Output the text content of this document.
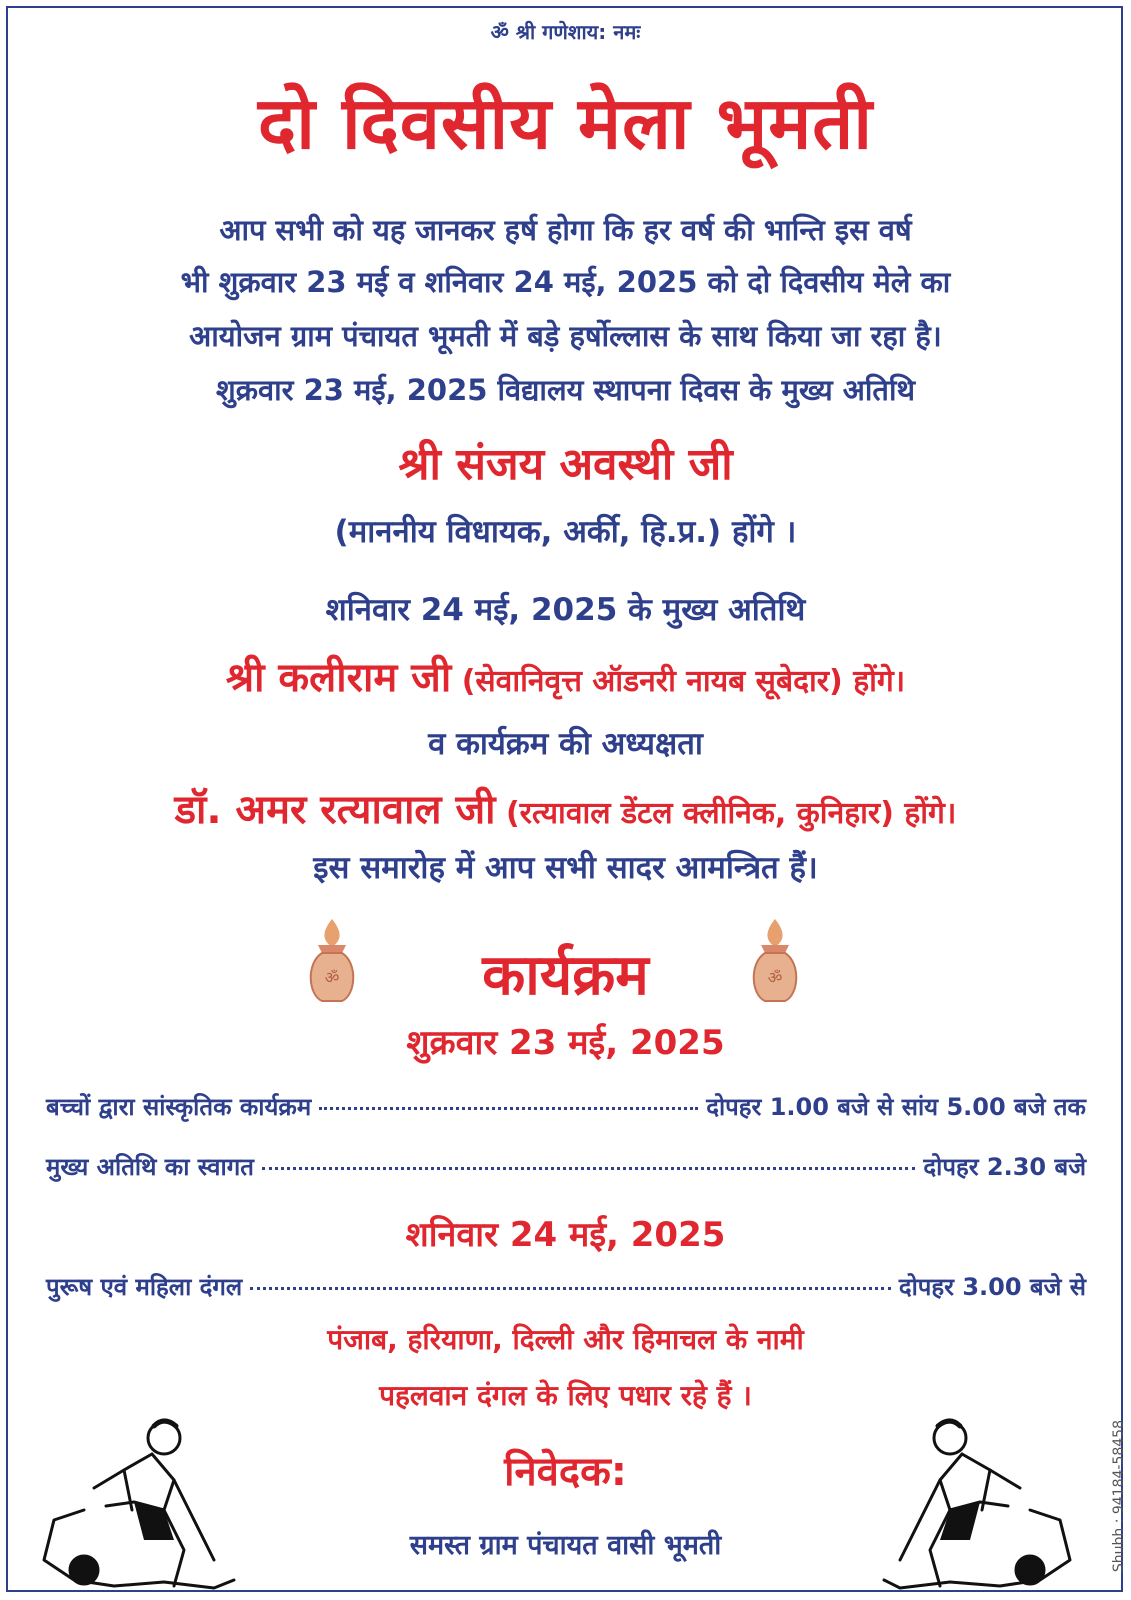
ॐ श्री गणेशाय: नमः
दो दिवसीय मेला भूमती
आप सभी को यह जानकर हर्ष होगा कि हर वर्ष की भान्ति इस वर्ष
भी शुक्रवार 23 मई व शनिवार 24 मई, 2025 को दो दिवसीय मेले का
आयोजन ग्राम पंचायत भूमती में बड़े हर्षोल्लास के साथ किया जा रहा है।
शुक्रवार 23 मई, 2025 विद्यालय स्थापना दिवस के मुख्य अतिथि
श्री संजय अवस्थी जी
(माननीय विधायक, अर्की, हि.प्र.) होंगे ।
शनिवार 24 मई, 2025 के मुख्य अतिथि
श्री कलीराम जी (सेवानिवृत्त ऑडनरी नायब सूबेदार) होंगे।
व कार्यक्रम की अध्यक्षता
डॉ. अमर रत्यावाल जी (रत्यावाल डेंटल क्लीनिक, कुनिहार) होंगे।
इस समारोह में आप सभी सादर आमन्त्रित हैं।
ॐ	ॐ
कार्यक्रम
शुक्रवार 23 मई, 2025
बच्चों द्वारा सांस्कृतिक कार्यक्रम	दोपहर 1.00 बजे से सांय 5.00 बजे तक
मुख्य अतिथि का स्वागत	दोपहर 2.30 बजे
शनिवार 24 मई, 2025
पुरूष एवं महिला दंगल	दोपहर 3.00 बजे से
पंजाब, हरियाणा, दिल्ली और हिमाचल के नामी
पहलवान दंगल के लिए पधार रहे हैं ।
निवेदक:
समस्त ग्राम पंचायत वासी भूमती	Shubh : 94184-58458
